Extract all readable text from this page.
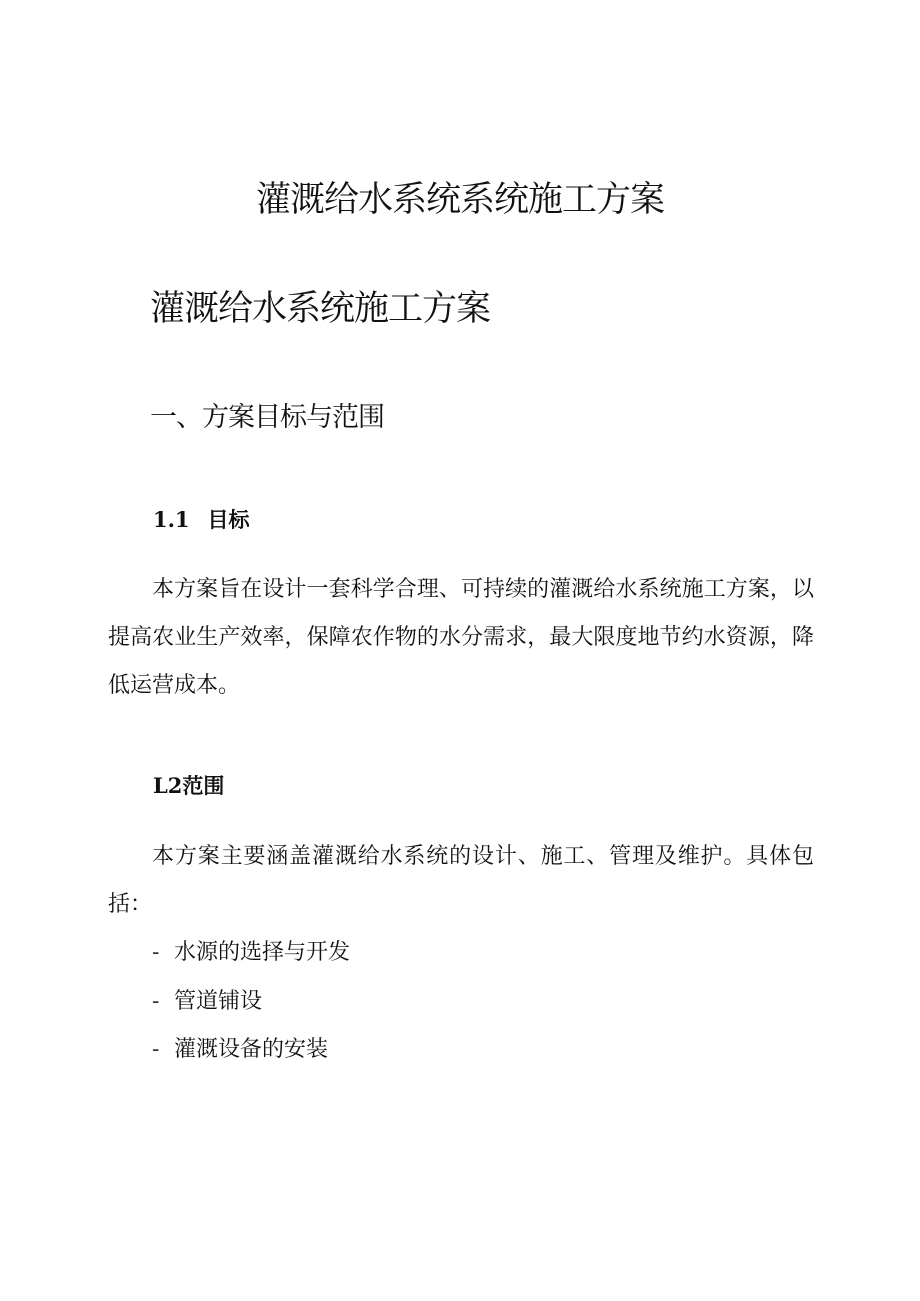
灌溉给水系统系统施工方案
灌溉给水系统施工方案
一、方案目标与范围
1.1 目标

本方案旨在设计一套科学合理、可持续的灌溉给水系统施工方案，以提高农业生产效率，保障农作物的水分需求，最大限度地节约水资源，降低运营成本。

L2范围

本方案主要涵盖灌溉给水系统的设计、施工、管理及维护。具体包括：

- 水源的选择与开发
- 管道铺设
- 灌溉设备的安装
